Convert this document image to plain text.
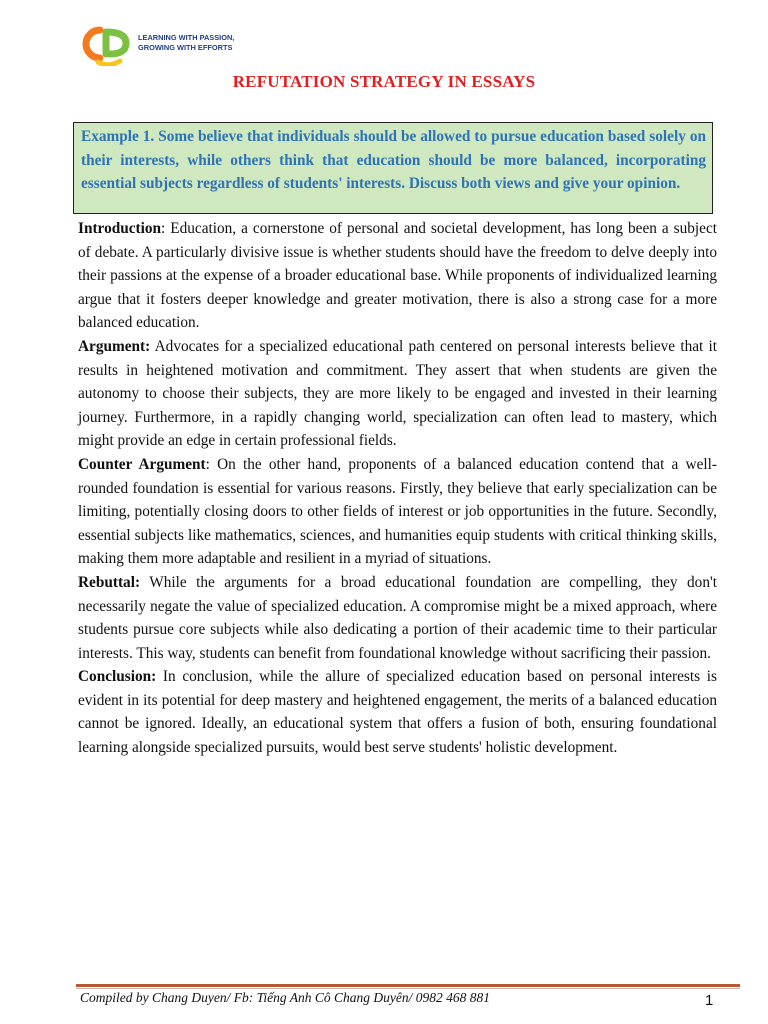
LEARNING WITH PASSION,
GROWING WITH EFFORTS
REFUTATION STRATEGY IN ESSAYS
Example 1. Some believe that individuals should be allowed to pursue education based solely on their interests, while others think that education should be more balanced, incorporating essential subjects regardless of students' interests. Discuss both views and give your opinion.

Introduction: Education, a cornerstone of personal and societal development, has long been a subject of debate. A particularly divisive issue is whether students should have the freedom to delve deeply into their passions at the expense of a broader educational base. While proponents of individualized learning argue that it fosters deeper knowledge and greater motivation, there is also a strong case for a more balanced education.

Argument: Advocates for a specialized educational path centered on personal interests believe that it results in heightened motivation and commitment. They assert that when students are given the autonomy to choose their subjects, they are more likely to be engaged and invested in their learning journey. Furthermore, in a rapidly changing world, specialization can often lead to mastery, which might provide an edge in certain professional fields.

Counter Argument: On the other hand, proponents of a balanced education contend that a well-rounded foundation is essential for various reasons. Firstly, they believe that early specialization can be limiting, potentially closing doors to other fields of interest or job opportunities in the future. Secondly, essential subjects like mathematics, sciences, and humanities equip students with critical thinking skills, making them more adaptable and resilient in a myriad of situations.

Rebuttal: While the arguments for a broad educational foundation are compelling, they don't necessarily negate the value of specialized education. A compromise might be a mixed approach, where students pursue core subjects while also dedicating a portion of their academic time to their particular interests. This way, students can benefit from foundational knowledge without sacrificing their passion.

Conclusion: In conclusion, while the allure of specialized education based on personal interests is evident in its potential for deep mastery and heightened engagement, the merits of a balanced education cannot be ignored. Ideally, an educational system that offers a fusion of both, ensuring foundational learning alongside specialized pursuits, would best serve students' holistic development.

Compiled by Chang Duyen/ Fb: Tiếng Anh Cô Chang Duyên/ 0982 468 881	1
